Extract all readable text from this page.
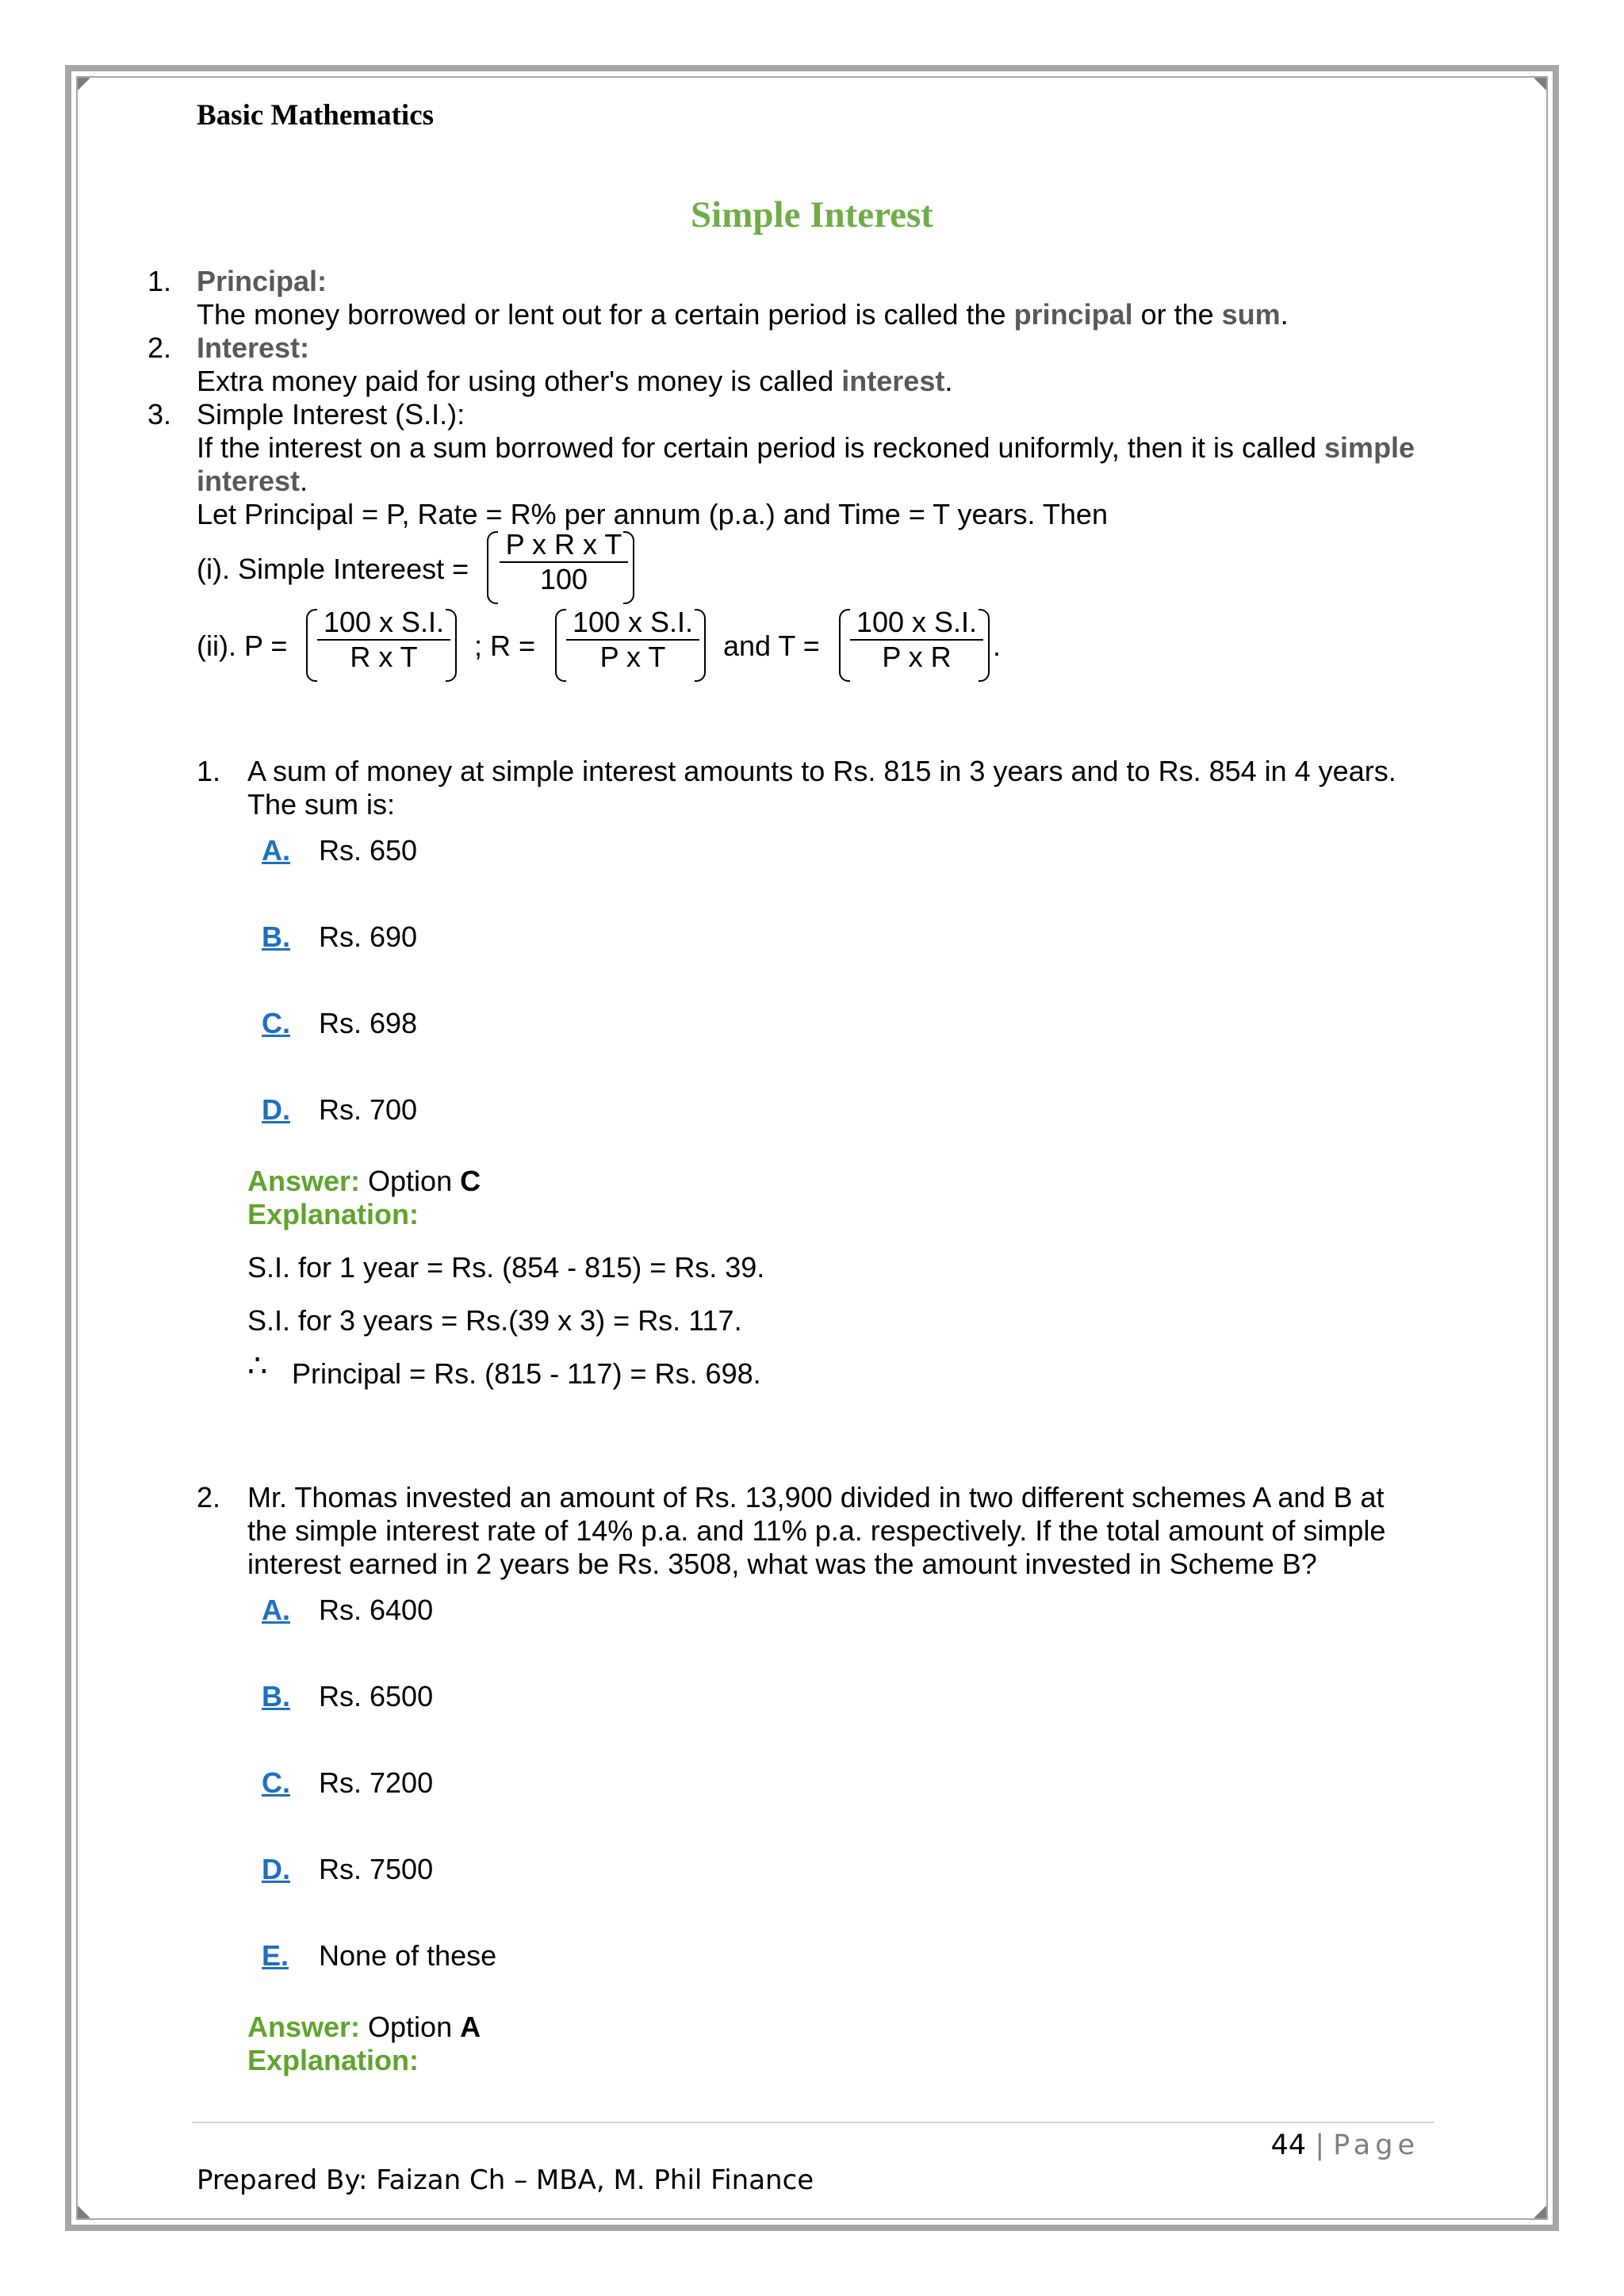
Basic Mathematics
Simple Interest
1. Principal:
The money borrowed or lent out for a certain period is called the principal or the sum.
2. Interest:
Extra money paid for using other's money is called interest.
3. Simple Interest (S.I.):
If the interest on a sum borrowed for certain period is reckoned uniformly, then it is called simple
interest.
Let Principal = P, Rate = R% per annum (p.a.) and Time = T years. Then
(i). Simple Intereest =
P x R x T
100
(ii). P =
100 x S.I.
R x T	; R =
100 x S.I.
P x T	and T =
100 x S.I.
P x R	.
1. A sum of money at simple interest amounts to Rs. 815 in 3 years and to Rs. 854 in 4 years.
The sum is:
A. Rs. 650
B. Rs. 690
C. Rs. 698
D. Rs. 700
Answer: Option C
Explanation:
S.I. for 1 year = Rs. (854 - 815) = Rs. 39.
S.I. for 3 years = Rs.(39 x 3) = Rs. 117.
∴ Principal = Rs. (815 - 117) = Rs. 698.
2. Mr. Thomas invested an amount of Rs. 13,900 divided in two different schemes A and B at
the simple interest rate of 14% p.a. and 11% p.a. respectively. If the total amount of simple
interest earned in 2 years be Rs. 3508, what was the amount invested in Scheme B?
A. Rs. 6400
B. Rs. 6500
C. Rs. 7200
D. Rs. 7500
E. None of these
Answer: Option A
Explanation:
44 | Page
Prepared By: Faizan Ch – MBA, M. Phil Finance
